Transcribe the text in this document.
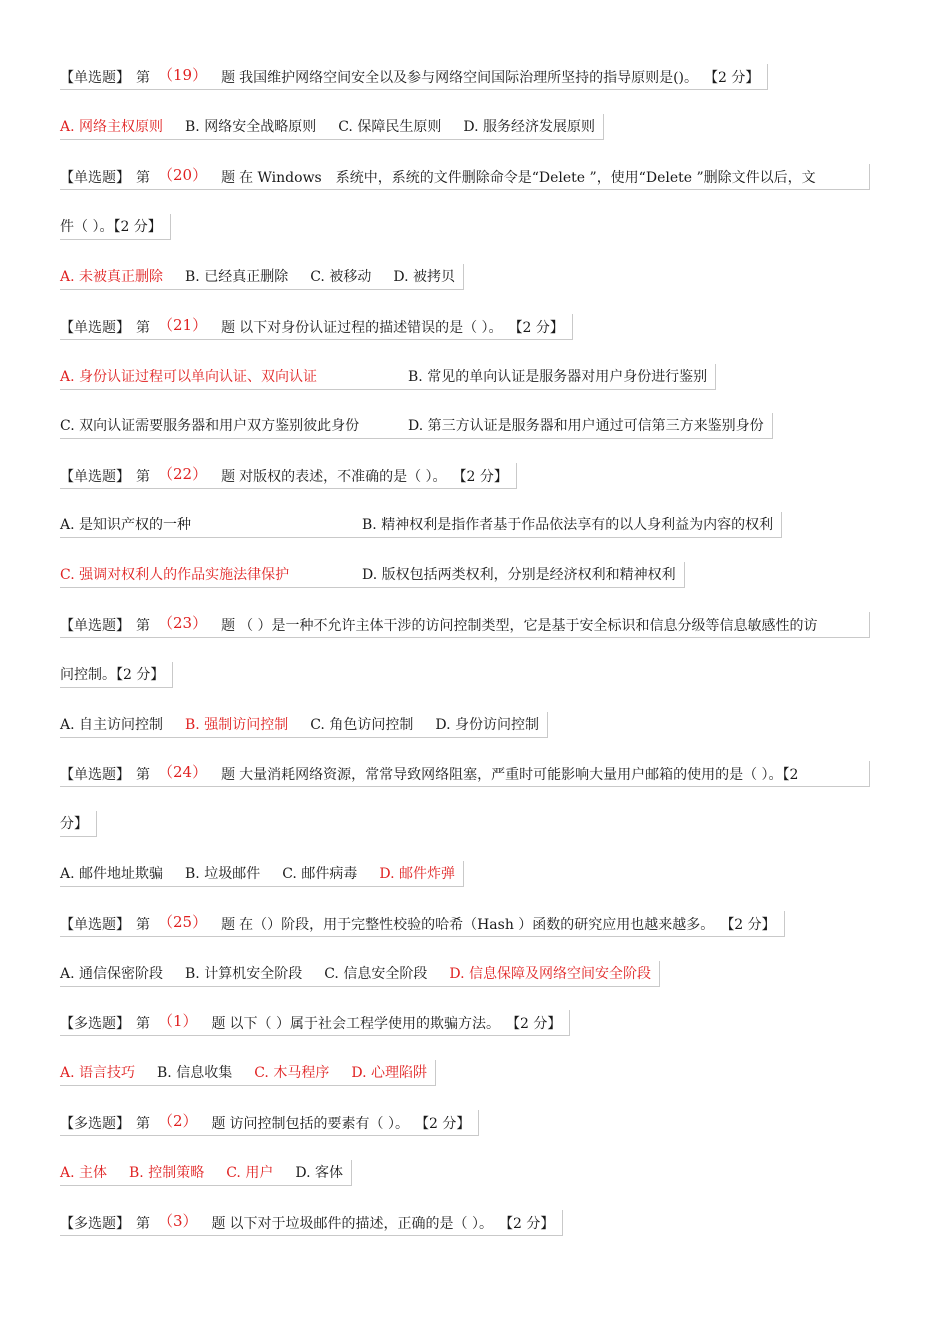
【单选题】 第 （19） 题 我国维护网络空间安全以及参与网络空间国际治理所坚持的指导原则是()。 【2 分】
A. 网络主权原则 B. 网络安全战略原则 C. 保障民生原则 D. 服务经济发展原则
【单选题】 第 （20） 题 在 Windows　系统中，系统的文件删除命令是“Delete ”，使用“Delete ”删除文件以后，文
件（ ）。【2 分】
A. 未被真正删除 B. 已经真正删除 C. 被移动 D. 被拷贝
【单选题】 第 （21） 题 以下对身份认证过程的描述错误的是（ ）。 【2 分】
A. 身份认证过程可以单向认证、双向认证	B. 常见的单向认证是服务器对用户身份进行鉴别
C. 双向认证需要服务器和用户双方鉴别彼此身份	D. 第三方认证是服务器和用户通过可信第三方来鉴别身份
【单选题】 第 （22） 题 对版权的表述，不准确的是（ ）。 【2 分】
A. 是知识产权的一种	B. 精神权利是指作者基于作品依法享有的以人身利益为内容的权利
C. 强调对权利人的作品实施法律保护	D. 版权包括两类权利，分别是经济权利和精神权利
【单选题】 第 （23） 题 （ ）是一种不允许主体干涉的访问控制类型，它是基于安全标识和信息分级等信息敏感性的访
问控制。【2 分】
A. 自主访问控制 B. 强制访问控制 C. 角色访问控制 D. 身份访问控制
【单选题】 第 （24） 题 大量消耗网络资源，常常导致网络阻塞，严重时可能影响大量用户邮箱的使用的是（ ）。【2
分】
A. 邮件地址欺骗 B. 垃圾邮件 C. 邮件病毒 D. 邮件炸弹
【单选题】 第 （25） 题 在（）阶段，用于完整性校验的哈希（Hash ）函数的研究应用也越来越多。 【2 分】
A. 通信保密阶段 B. 计算机安全阶段 C. 信息安全阶段 D. 信息保障及网络空间安全阶段
【多选题】 第 （1） 题 以下（ ）属于社会工程学使用的欺骗方法。 【2 分】
A. 语言技巧 B. 信息收集 C. 木马程序 D. 心理陷阱
【多选题】 第 （2） 题 访问控制包括的要素有（ ）。 【2 分】
A. 主体 B. 控制策略 C. 用户 D. 客体
【多选题】 第 （3） 题 以下对于垃圾邮件的描述，正确的是（ ）。 【2 分】
